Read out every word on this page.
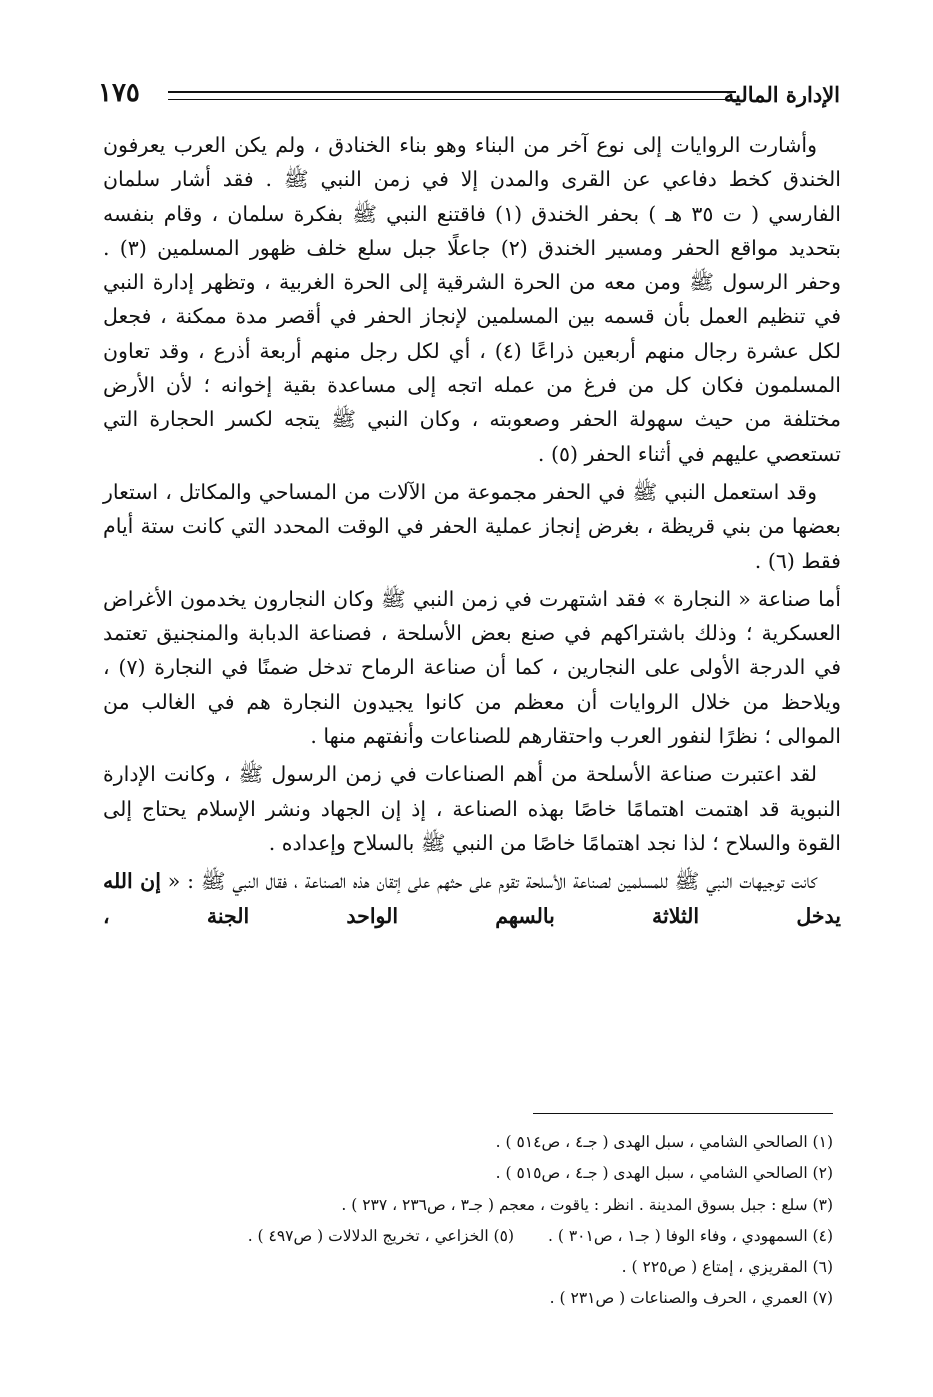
الإدارة المالية
١٧٥

وأشارت الروايات إلى نوع آخر من البناء وهو بناء الخنادق ، ولم يكن العرب يعرفون الخندق كخط دفاعي عن القرى والمدن إلا في زمن النبي ﷺ . فقد أشار سلمان الفارسي ( ت ٣٥ هـ ) بحفر الخندق (١) فاقتنع النبي ﷺ بفكرة سلمان ، وقام بنفسه بتحديد مواقع الحفر ومسير الخندق (٢) جاعلًا جبل سلع خلف ظهور المسلمين (٣) . وحفر الرسول ﷺ ومن معه من الحرة الشرقية إلى الحرة الغربية ، وتظهر إدارة النبي في تنظيم العمل بأن قسمه بين المسلمين لإنجاز الحفر في أقصر مدة ممكنة ، فجعل لكل عشرة رجال منهم أربعين ذراعًا (٤) ، أي لكل رجل منهم أربعة أذرع ، وقد تعاون المسلمون فكان كل من فرغ من عمله اتجه إلى مساعدة بقية إخوانه ؛ لأن الأرض مختلفة من حيث سهولة الحفر وصعوبته ، وكان النبي ﷺ يتجه لكسر الحجارة التي تستعصي عليهم في أثناء الحفر (٥) .

وقد استعمل النبي ﷺ في الحفر مجموعة من الآلات من المساحي والمكاتل ، استعار بعضها من بني قريظة ، بغرض إنجاز عملية الحفر في الوقت المحدد التي كانت ستة أيام فقط (٦) .

أما صناعة « النجارة » فقد اشتهرت في زمن النبي ﷺ وكان النجارون يخدمون الأغراض العسكرية ؛ وذلك باشتراكهم في صنع بعض الأسلحة ، فصناعة الدبابة والمنجنيق تعتمد في الدرجة الأولى على النجارين ، كما أن صناعة الرماح تدخل ضمنًا في النجارة (٧) ، ويلاحظ من خلال الروايات أن معظم من كانوا يجيدون النجارة هم في الغالب من الموالى ؛ نظرًا لنفور العرب واحتقارهم للصناعات وأنفتهم منها .

لقد اعتبرت صناعة الأسلحة من أهم الصناعات في زمن الرسول ﷺ ، وكانت الإدارة النبوية قد اهتمت اهتمامًا خاصًا بهذه الصناعة ، إذ إن الجهاد ونشر الإسلام يحتاج إلى القوة والسلاح ؛ لذا نجد اهتمامًا خاصًا من النبي ﷺ بالسلاح وإعداده .

كانت توجيهات النبي ﷺ للمسلمين لصناعة الأسلحة تقوم على حثهم على إتقان هذه الصناعة ، فقال النبي ﷺ : « إن الله يدخل الثلاثة بالسهم الواحد الجنة ،

(١) الصالحي الشامي ، سبل الهدى ( جـ٤ ، ص٥١٤ ) .

(٢) الصالحي الشامي ، سبل الهدى ( جـ٤ ، ص٥١٥ ) .

(٣) سلع : جبل بسوق المدينة . انظر : ياقوت ، معجم ( جـ٣ ، ص٢٣٦ ، ٢٣٧ ) .

(٤) السمهودي ، وفاء الوفا ( جـ١ ، ص٣٠١ ) .(٥) الخزاعي ، تخريج الدلالات ( ص٤٩٧ ) .

(٦) المقريزي ، إمتاع ( ص٢٢٥ ) .

(٧) العمري ، الحرف والصناعات ( ص٢٣١ ) .
